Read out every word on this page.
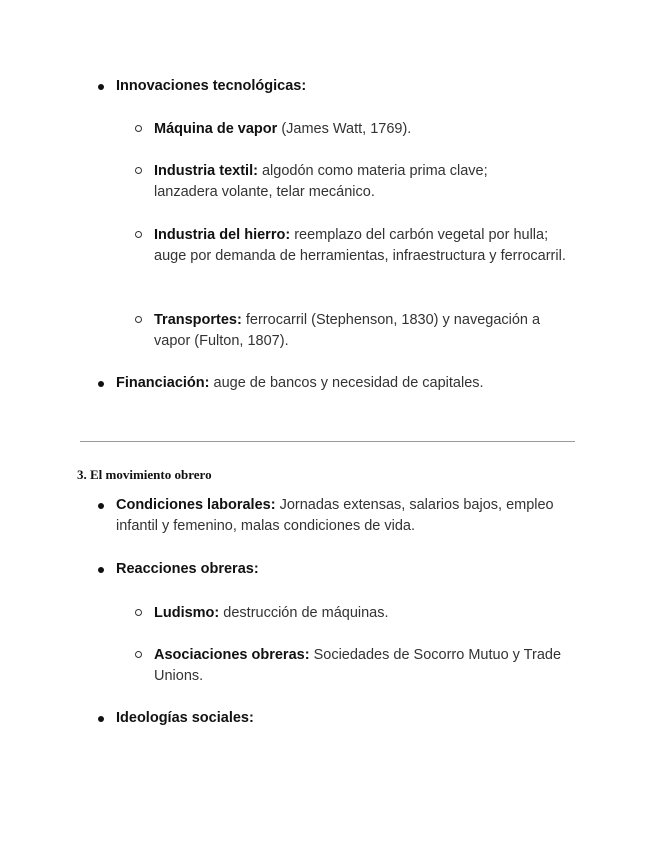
Innovaciones tecnológicas:
Máquina de vapor (James Watt, 1769).
Industria textil: algodón como materia prima clave; lanzadera volante, telar mecánico.
Industria del hierro: reemplazo del carbón vegetal por hulla; auge por demanda de herramientas, infraestructura y ferrocarril.
Transportes: ferrocarril (Stephenson, 1830) y navegación a vapor (Fulton, 1807).
Financiación: auge de bancos y necesidad de capitales.
3. El movimiento obrero
Condiciones laborales: Jornadas extensas, salarios bajos, empleo infantil y femenino, malas condiciones de vida.
Reacciones obreras:
Ludismo: destrucción de máquinas.
Asociaciones obreras: Sociedades de Socorro Mutuo y Trade Unions.
Ideologías sociales:
